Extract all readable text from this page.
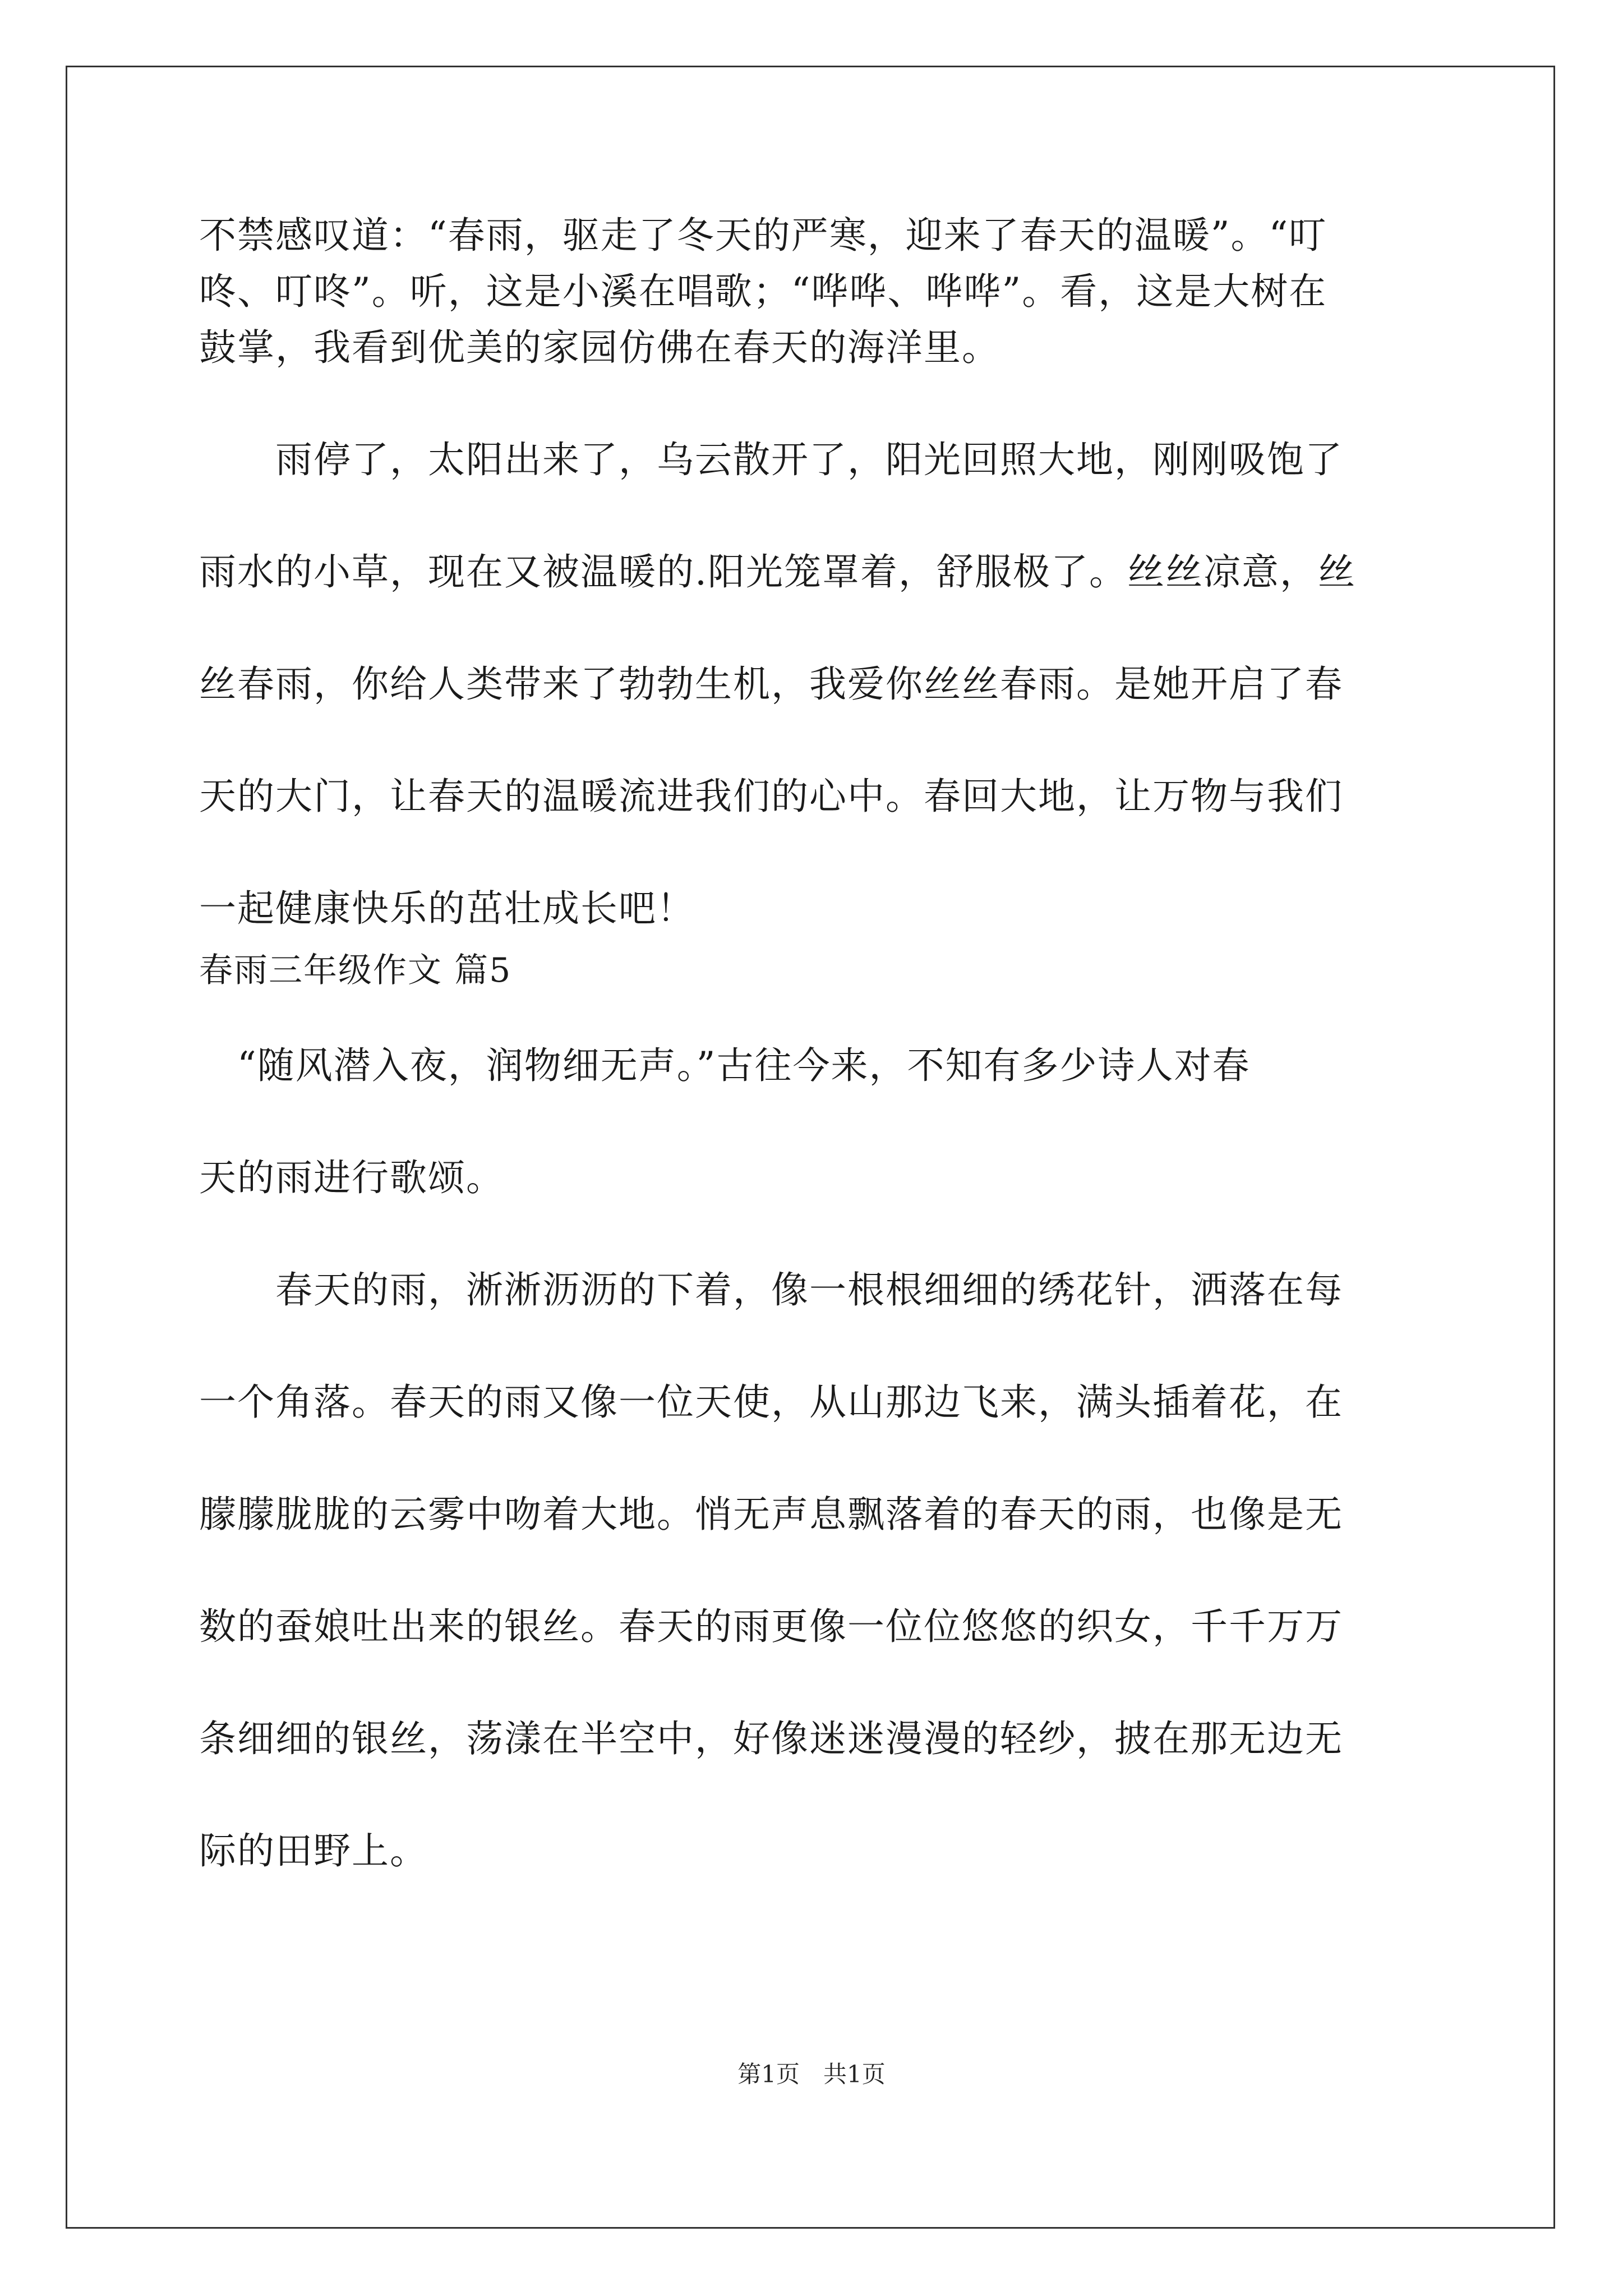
不禁感叹道：“春雨，驱走了冬天的严寒，迎来了春天的温暖”。“叮
咚、叮咚”。听，这是小溪在唱歌；“哗哗、哗哗”。看，这是大树在
鼓掌，我看到优美的家园仿佛在春天的海洋里。
　　雨停了，太阳出来了，乌云散开了，阳光回照大地，刚刚吸饱了
雨水的小草，现在又被温暖的.阳光笼罩着，舒服极了。丝丝凉意，丝
丝春雨，你给人类带来了勃勃生机，我爱你丝丝春雨。是她开启了春
天的大门，让春天的温暖流进我们的心中。春回大地，让万物与我们
一起健康快乐的茁壮成长吧！
春雨三年级作文 篇5
　“随风潜入夜，润物细无声。”古往今来，不知有多少诗人对春
天的雨进行歌颂。
　　春天的雨，淅淅沥沥的下着，像一根根细细的绣花针，洒落在每
一个角落。春天的雨又像一位天使，从山那边飞来，满头插着花，在
朦朦胧胧的云雾中吻着大地。悄无声息飘落着的春天的雨，也像是无
数的蚕娘吐出来的银丝。春天的雨更像一位位悠悠的织女，千千万万
条细细的银丝，荡漾在半空中，好像迷迷漫漫的轻纱，披在那无边无
际的田野上。
第1页　共1页
